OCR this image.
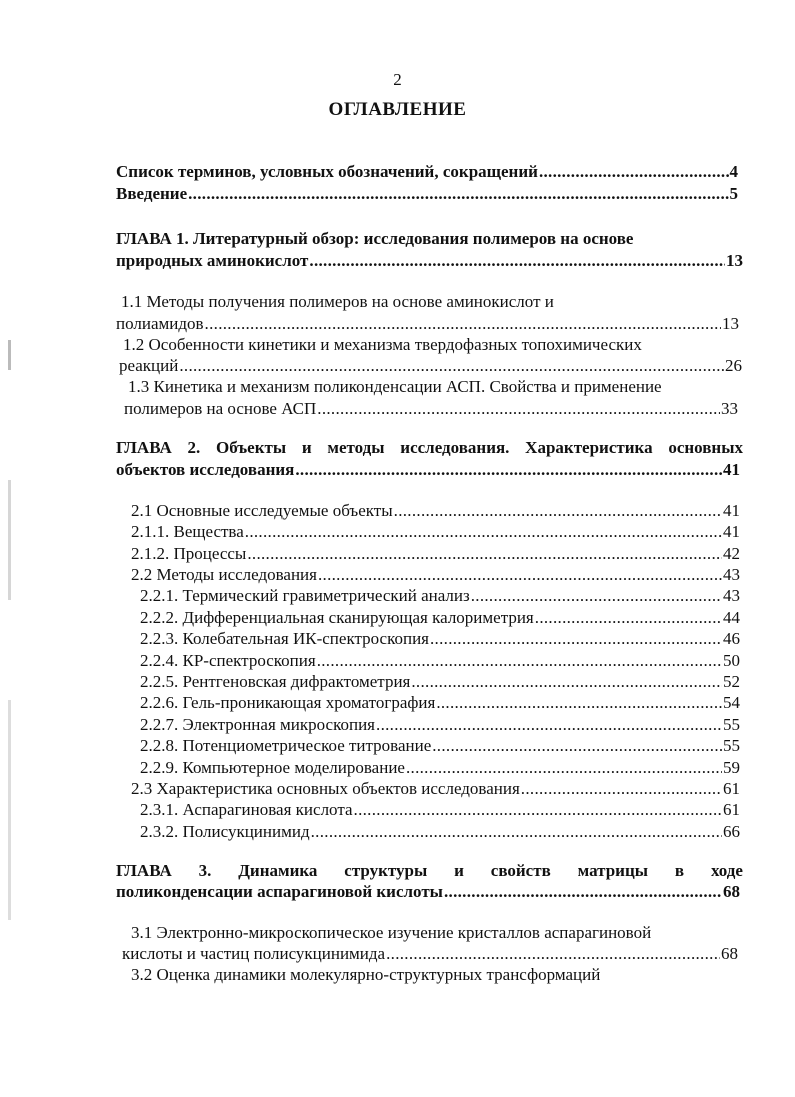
2
ОГЛАВЛЕНИЕ
Список терминов, условных обозначений, сокращений .....	4
Введение .....	5
ГЛАВА 1. Литературный обзор: исследования полимеров на основе
природных аминокислот .....	13
1.1 Методы получения полимеров на основе аминокислот и
полиамидов .....	13
1.2 Особенности кинетики и механизма твердофазных топохимических
реакций .....	26
1.3 Кинетика и механизм поликонденсации АСП. Свойства и применение
полимеров на основе АСП .....	33
ГЛАВА 2. Объекты и методы исследования. Характеристика основных
объектов исследования .....	41
2.1 Основные исследуемые объекты .....	41
2.1.1. Вещества .....	41
2.1.2. Процессы .....	42
2.2 Методы исследования .....	43
2.2.1. Термический гравиметрический анализ .....	43
2.2.2. Дифференциальная сканирующая калориметрия .....	44
2.2.3. Колебательная ИК-спектроскопия .....	46
2.2.4. КР-спектроскопия .....	50
2.2.5. Рентгеновская дифрактометрия .....	52
2.2.6. Гель-проникающая хроматография .....	54
2.2.7. Электронная микроскопия .....	55
2.2.8. Потенциометрическое титрование .....	55
2.2.9. Компьютерное моделирование .....	59
2.3 Характеристика основных объектов исследования .....	61
2.3.1. Аспарагиновая кислота .....	61
2.3.2. Полисукцинимид .....	66
ГЛАВА 3. Динамика структуры и свойств матрицы в ходе
поликонденсации аспарагиновой кислоты .....	68
3.1 Электронно-микроскопическое изучение кристаллов аспарагиновой
кислоты и частиц полисукцинимида .....	68
3.2 Оценка динамики молекулярно-структурных трансформаций
